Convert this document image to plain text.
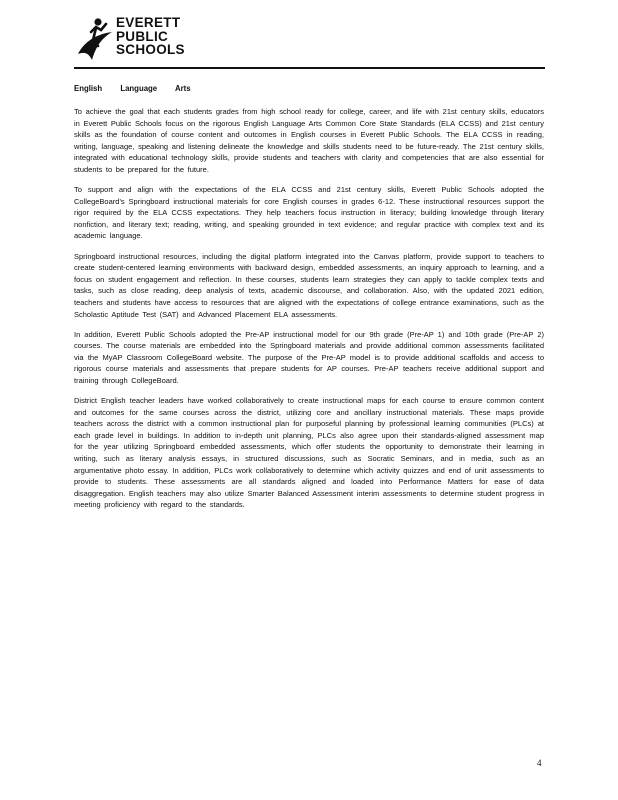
EVERETT
PUBLIC
SCHOOLS
English Language Arts

To achieve the goal that each students grades from high school ready for college, career, and life with 21st century skills, educators in Everett Public Schools focus on the rigorous English Language Arts Common Core State Standards (ELA CCSS) and 21st century skills as the foundation of course content and outcomes in English courses in Everett Public Schools. The ELA CCSS in reading, writing, language, speaking and listening delineate the knowledge and skills students need to be future-ready. The 21st century skills, integrated with educational technology skills, provide students and teachers with clarity and competencies that are also essential for students to be prepared for the future.

To support and align with the expectations of the ELA CCSS and 21st century skills, Everett Public Schools adopted the CollegeBoard's Springboard instructional materials for core English courses in grades 6-12. These instructional resources support the rigor required by the ELA CCSS expectations. They help teachers focus instruction in literacy; building knowledge through literary nonfiction, and literary text; reading, writing, and speaking grounded in text evidence; and regular practice with complex text and its academic language.

Springboard instructional resources, including the digital platform integrated into the Canvas platform, provide support to teachers to create student-centered learning environments with backward design, embedded assessments, an inquiry approach to learning, and a focus on student engagement and reflection. In these courses, students learn strategies they can apply to tackle complex texts and tasks, such as close reading, deep analysis of texts, academic discourse, and collaboration. Also, with the updated 2021 edition, teachers and students have access to resources that are aligned with the expectations of college entrance examinations, such as the Scholastic Aptitude Test (SAT) and Advanced Placement ELA assessments.

In addition, Everett Public Schools adopted the Pre-AP instructional model for our 9th grade (Pre-AP 1) and 10th grade (Pre-AP 2) courses. The course materials are embedded into the Springboard materials and provide additional common assessments facilitated via the MyAP Classroom CollegeBoard website. The purpose of the Pre-AP model is to provide additional scaffolds and access to rigorous course materials and assessments that prepare students for AP courses. Pre-AP teachers receive additional support and training through CollegeBoard.

District English teacher leaders have worked collaboratively to create instructional maps for each course to ensure common content and outcomes for the same courses across the district, utilizing core and ancillary instructional materials. These maps provide teachers across the district with a common instructional plan for purposeful planning by professional learning communities (PLCs) at each grade level in buildings. In addition to in-depth unit planning, PLCs also agree upon their standards-aligned assessment map for the year utilizing Springboard embedded assessments, which offer students the opportunity to demonstrate their learning in writing, such as literary analysis essays, in structured discussions, such as Socratic Seminars, and in media, such as an argumentative photo essay. In addition, PLCs work collaboratively to determine which activity quizzes and end of unit assessments to provide to students. These assessments are all standards aligned and loaded into Performance Matters for ease of data disaggregation. English teachers may also utilize Smarter Balanced Assessment interim assessments to determine student progress in meeting proficiency with regard to the standards.

4
